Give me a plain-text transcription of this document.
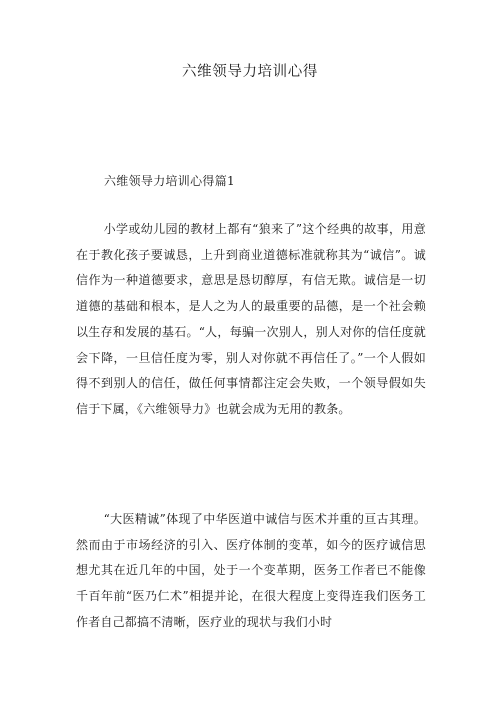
六维领导力培训心得
六维领导力培训心得篇1

小学或幼儿园的教材上都有“狼来了”这个经典的故事，用意在于教化孩子要诚恳，上升到商业道德标准就称其为“诚信”。诚信作为一种道德要求，意思是恳切醇厚，有信无欺。诚信是一切道德的基础和根本，是人之为人的最重要的品德，是一个社会赖以生存和发展的基石。“人，每骗一次别人，别人对你的信任度就会下降，一旦信任度为零，别人对你就不再信任了。”一个人假如得不到别人的信任，做任何事情都注定会失败，一个领导假如失信于下属，《六维领导力》也就会成为无用的教条。

“大医精诚”体现了中华医道中诚信与医术并重的亘古其理。然而由于市场经济的引入、医疗体制的变革，如今的医疗诚信思想尤其在近几年的中国，处于一个变革期，医务工作者已不能像千百年前“医乃仁术”相提并论，在很大程度上变得连我们医务工作者自己都搞不清晰，医疗业的现状与我们小时
